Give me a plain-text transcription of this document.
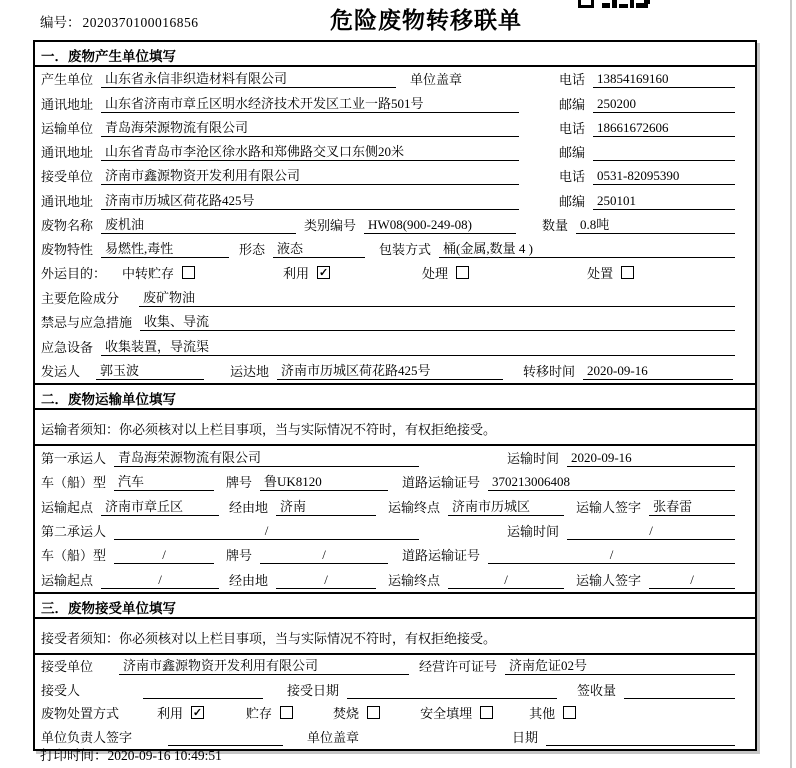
编号： 2020370100016856	危险废物转移联单
一．废物产生单位填写
产生单位 山东省永信非织造材料有限公司	单位盖章	电话 13854169160
通讯地址 山东省济南市章丘区明水经济技术开发区工业一路501号	邮编 250200
运输单位 青岛海荣源物流有限公司	电话 18661672606
通讯地址 山东省青岛市李沧区徐水路和郑佛路交叉口东侧20米	邮编
接受单位 济南市鑫源物资开发利用有限公司	电话 0531-82095390
通讯地址 济南市历城区荷花路425号	邮编 250101
废物名称 废机油	类别编号 HW08(900-249-08)	数量 0.8吨
废物特性 易燃性,毒性	形态 液态	包装方式 桶(金属,数量 4 )
外运目的： 中转贮存	利用 ✓	处理	处置
主要危险成分	废矿物油
禁忌与应急措施 收集、导流
应急设备 收集装置，导流渠
发运人	郭玉波	运达地 济南市历城区荷花路425号	转移时间 2020-09-16
二．废物运输单位填写
运输者须知：你必须核对以上栏目事项，当与实际情况不符时，有权拒绝接受。
第一承运人 青岛海荣源物流有限公司	运输时间 2020-09-16
车（船）型 汽车	牌号 鲁UK8120	道路运输证号 370213006408
运输起点 济南市章丘区	经由地 济南	运输终点 济南市历城区	运输人签字 张春雷
第二承运人	/	运输时间	/
车（船）型	/	牌号	/	道路运输证号	/
运输起点	/	经由地	/	运输终点	/	运输人签字	/
三．废物接受单位填写
接受者须知：你必须核对以上栏目事项，当与实际情况不符时，有权拒绝接受。
接受单位	济南市鑫源物资开发利用有限公司	经营许可证号 济南危证02号
接受人	接受日期	签收量
废物处置方式	利用 ✓	贮存	焚烧	安全填埋	其他
单位负责人签字	单位盖章	日期
打印时间：2020-09-16 10:49:51
